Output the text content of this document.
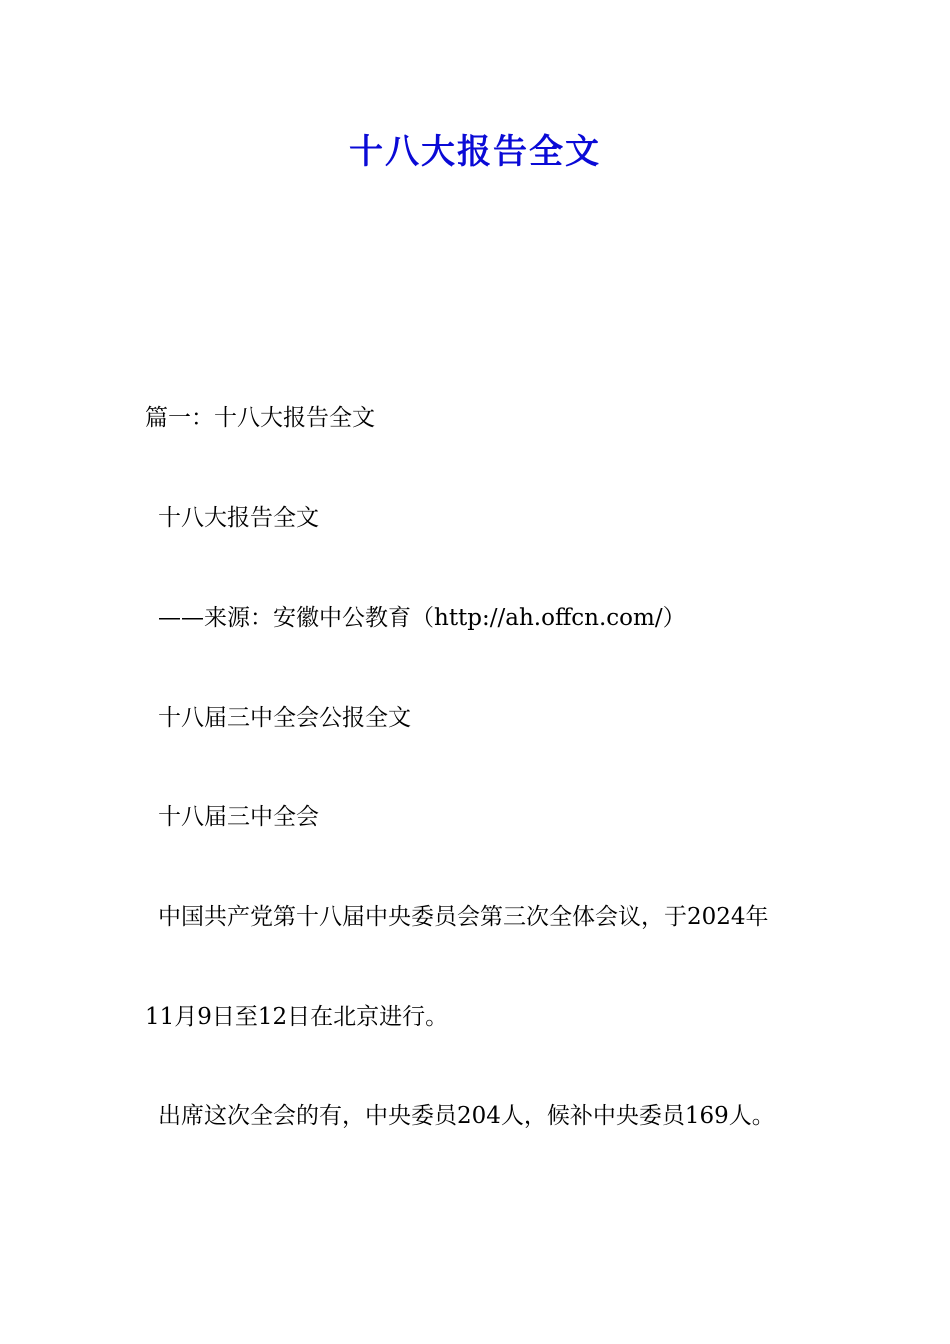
十八大报告全文
篇一：十八大报告全文
十八大报告全文
——来源：安徽中公教育（http://ah.offcn.com/）
十八届三中全会公报全文
十八届三中全会
中国共产党第十八届中央委员会第三次全体会议，于2024年
11月9日至12日在北京进行。
出席这次全会的有，中央委员204人，候补中央委员169人。
